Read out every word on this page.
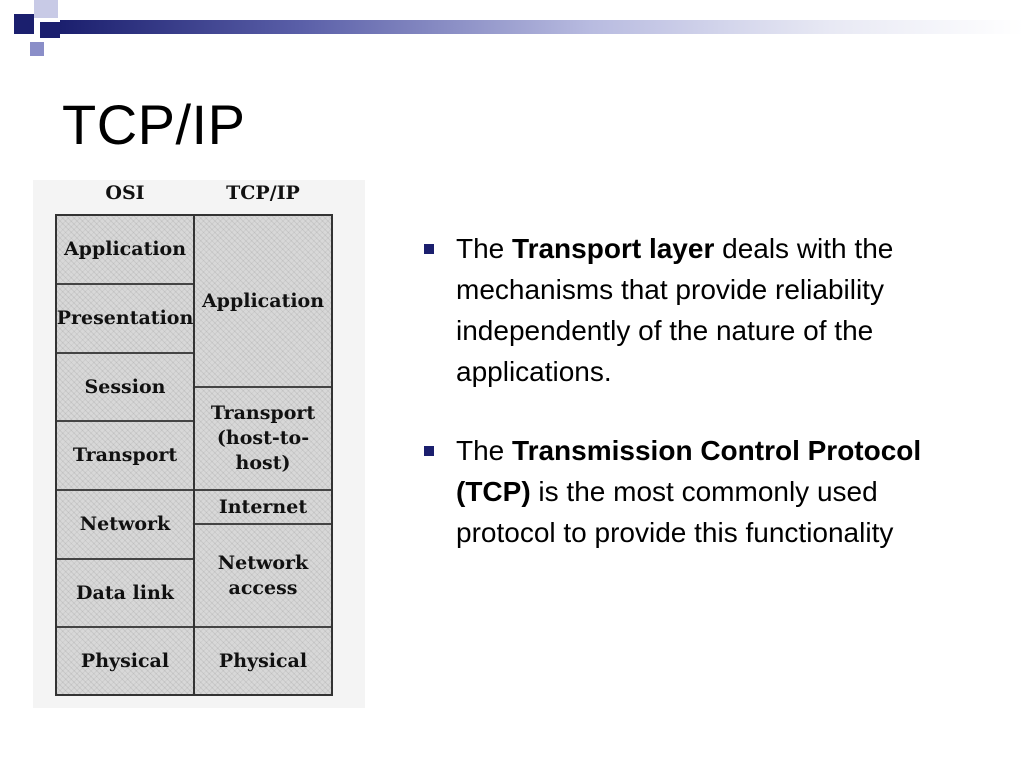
TCP/IP
OSI	TCP/IP
Application
Presentation
Session
Transport
Network
Data link
Physical
Application
Transport
(host-to-host)
Internet
Network
access
Physical
The Transport layer deals with the mechanisms that provide reliability independently of the nature of the applications.
The Transmission Control Protocol (TCP) is the most commonly used protocol to provide this functionality
